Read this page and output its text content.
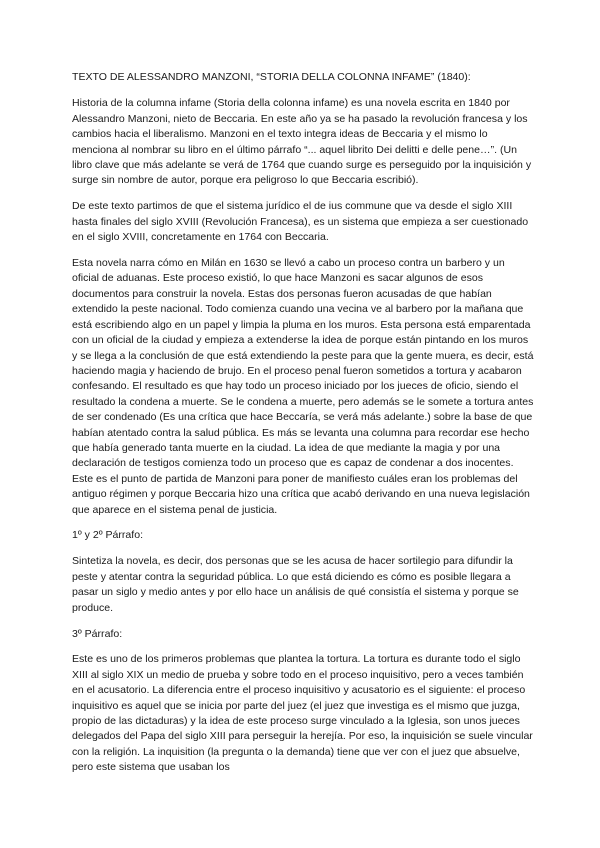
TEXTO DE ALESSANDRO MANZONI, “STORIA DELLA COLONNA INFAME” (1840):

Historia de la columna infame (Storia della colonna infame) es una novela escrita en 1840 por Alessandro Manzoni, nieto de Beccaria. En este año ya se ha pasado la revolución francesa y los cambios hacia el liberalismo. Manzoni en el texto integra ideas de Beccaria y el mismo lo menciona al nombrar su libro en el último párrafo “... aquel librito Dei delitti e delle pene…”. (Un libro clave que más adelante se verá de 1764 que cuando surge es perseguido por la inquisición y surge sin nombre de autor, porque era peligroso lo que Beccaria escribió).

De este texto partimos de que el sistema jurídico el de ius commune que va desde el siglo XIII hasta finales del siglo XVIII (Revolución Francesa), es un sistema que empieza a ser cuestionado en el siglo XVIII, concretamente en 1764 con Beccaria.

Esta novela narra cómo en Milán en 1630 se llevó a cabo un proceso contra un barbero y un oficial de aduanas. Este proceso existió, lo que hace Manzoni es sacar algunos de esos documentos para construir la novela. Estas dos personas fueron acusadas de que habían extendido la peste nacional. Todo comienza cuando una vecina ve al barbero por la mañana que está escribiendo algo en un papel y limpia la pluma en los muros. Esta persona está emparentada con un oficial de la ciudad y empieza a extenderse la idea de porque están pintando en los muros y se llega a la conclusión de que está extendiendo la peste para que la gente muera, es decir, está haciendo magia y haciendo de brujo. En el proceso penal fueron sometidos a tortura y acabaron confesando. El resultado es que hay todo un proceso iniciado por los jueces de oficio, siendo el resultado la condena a muerte. Se le condena a muerte, pero además se le somete a tortura antes de ser condenado (Es una crítica que hace Beccaría, se verá más adelante.) sobre la base de que habían atentado contra la salud pública. Es más se levanta una columna para recordar ese hecho que había generado tanta muerte en la ciudad. La idea de que mediante la magia y por una declaración de testigos comienza todo un proceso que es capaz de condenar a dos inocentes. Este es el punto de partida de Manzoni para poner de manifiesto cuáles eran los problemas del antiguo régimen y porque Beccaria hizo una crítica que acabó derivando en una nueva legislación que aparece en el sistema penal de justicia.

1º y 2º Párrafo:

Sintetiza la novela, es decir, dos personas que se les acusa de hacer sortilegio para difundir la peste y atentar contra la seguridad pública. Lo que está diciendo es cómo es posible llegara a pasar un siglo y medio antes y por ello hace un análisis de qué consistía el sistema y porque se produce.

3º Párrafo:

Este es uno de los primeros problemas que plantea la tortura. La tortura es durante todo el siglo XIII al siglo XIX un medio de prueba y sobre todo en el proceso inquisitivo, pero a veces también en el acusatorio. La diferencia entre el proceso inquisitivo y acusatorio es el siguiente: el proceso inquisitivo es aquel que se inicia por parte del juez (el juez que investiga es el mismo que juzga, propio de las dictaduras) y la idea de este proceso surge vinculado a la Iglesia, son unos jueces delegados del Papa del siglo XIII para perseguir la herejía. Por eso, la inquisición se suele vincular con la religión. La inquisition (la pregunta o la demanda) tiene que ver con el juez que absuelve, pero este sistema que usaban los
